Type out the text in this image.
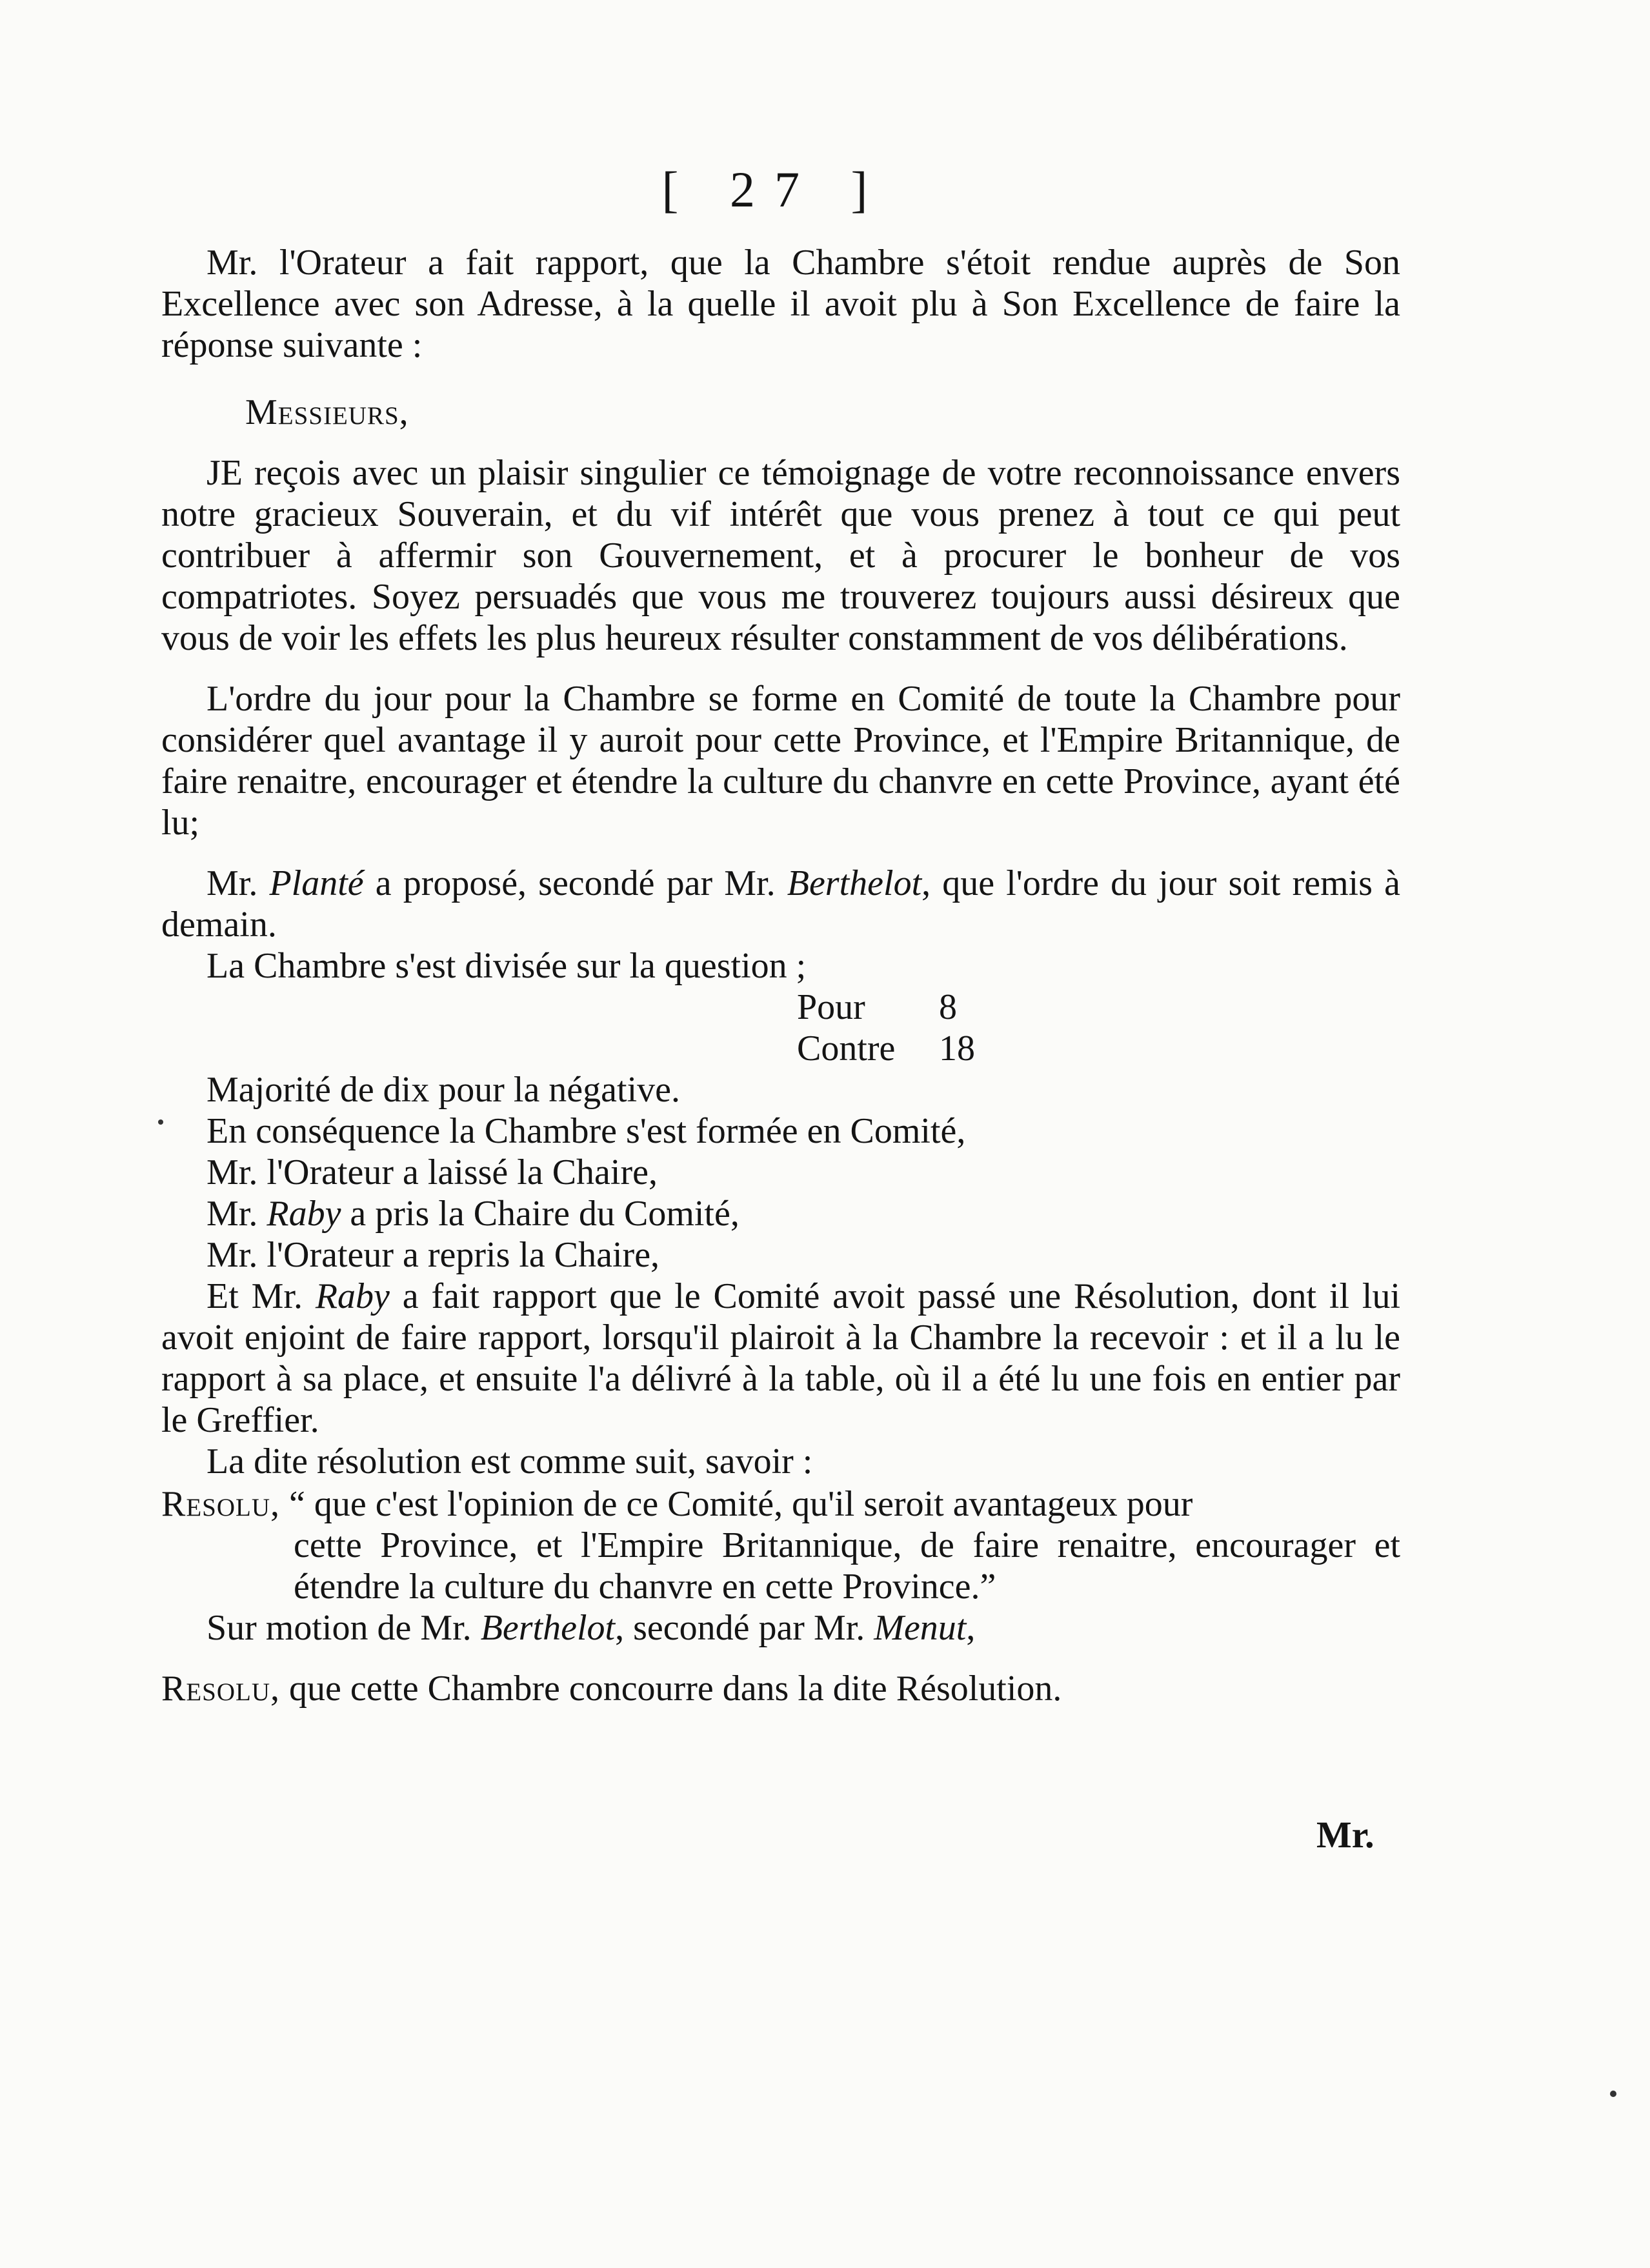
[ 27 ]

Mr. l'Orateur a fait rapport, que la Chambre s'étoit rendue auprès de Son Excellence avec son Adresse, à la quelle il avoit plu à Son Excellence de faire la réponse suivante :

Messieurs,

JE reçois avec un plaisir singulier ce témoignage de votre reconnoissance envers notre gracieux Souverain, et du vif intérêt que vous prenez à tout ce qui peut contribuer à affermir son Gouvernement, et à procurer le bonheur de vos compatriotes. Soyez persuadés que vous me trouverez toujours aussi désireux que vous de voir les effets les plus heureux résulter constamment de vos délibérations.

L'ordre du jour pour la Chambre se forme en Comité de toute la Chambre pour considérer quel avantage il y auroit pour cette Province, et l'Empire Britannique, de faire renaitre, encourager et étendre la culture du chanvre en cette Province, ayant été lu;

Mr. Planté a proposé, secondé par Mr. Berthelot, que l'ordre du jour soit remis à demain.

La Chambre s'est divisée sur la question ;

Pour 8
Contre 18

Majorité de dix pour la négative.

En conséquence la Chambre s'est formée en Comité,

Mr. l'Orateur a laissé la Chaire,

Mr. Raby a pris la Chaire du Comité,

Mr. l'Orateur a repris la Chaire,

Et Mr. Raby a fait rapport que le Comité avoit passé une Résolution, dont il lui avoit enjoint de faire rapport, lorsqu'il plairoit à la Chambre la recevoir : et il a lu le rapport à sa place, et ensuite l'a délivré à la table, où il a été lu une fois en entier par le Greffier.

La dite résolution est comme suit, savoir :

Resolu, “ que c'est l'opinion de ce Comité, qu'il seroit avantageux pour
cette Province, et l'Empire Britannique, de faire renaitre, encourager et étendre la culture du chanvre en cette Province.”

Sur motion de Mr. Berthelot, secondé par Mr. Menut,

Resolu, que cette Chambre concourre dans la dite Résolution.

Mr.
